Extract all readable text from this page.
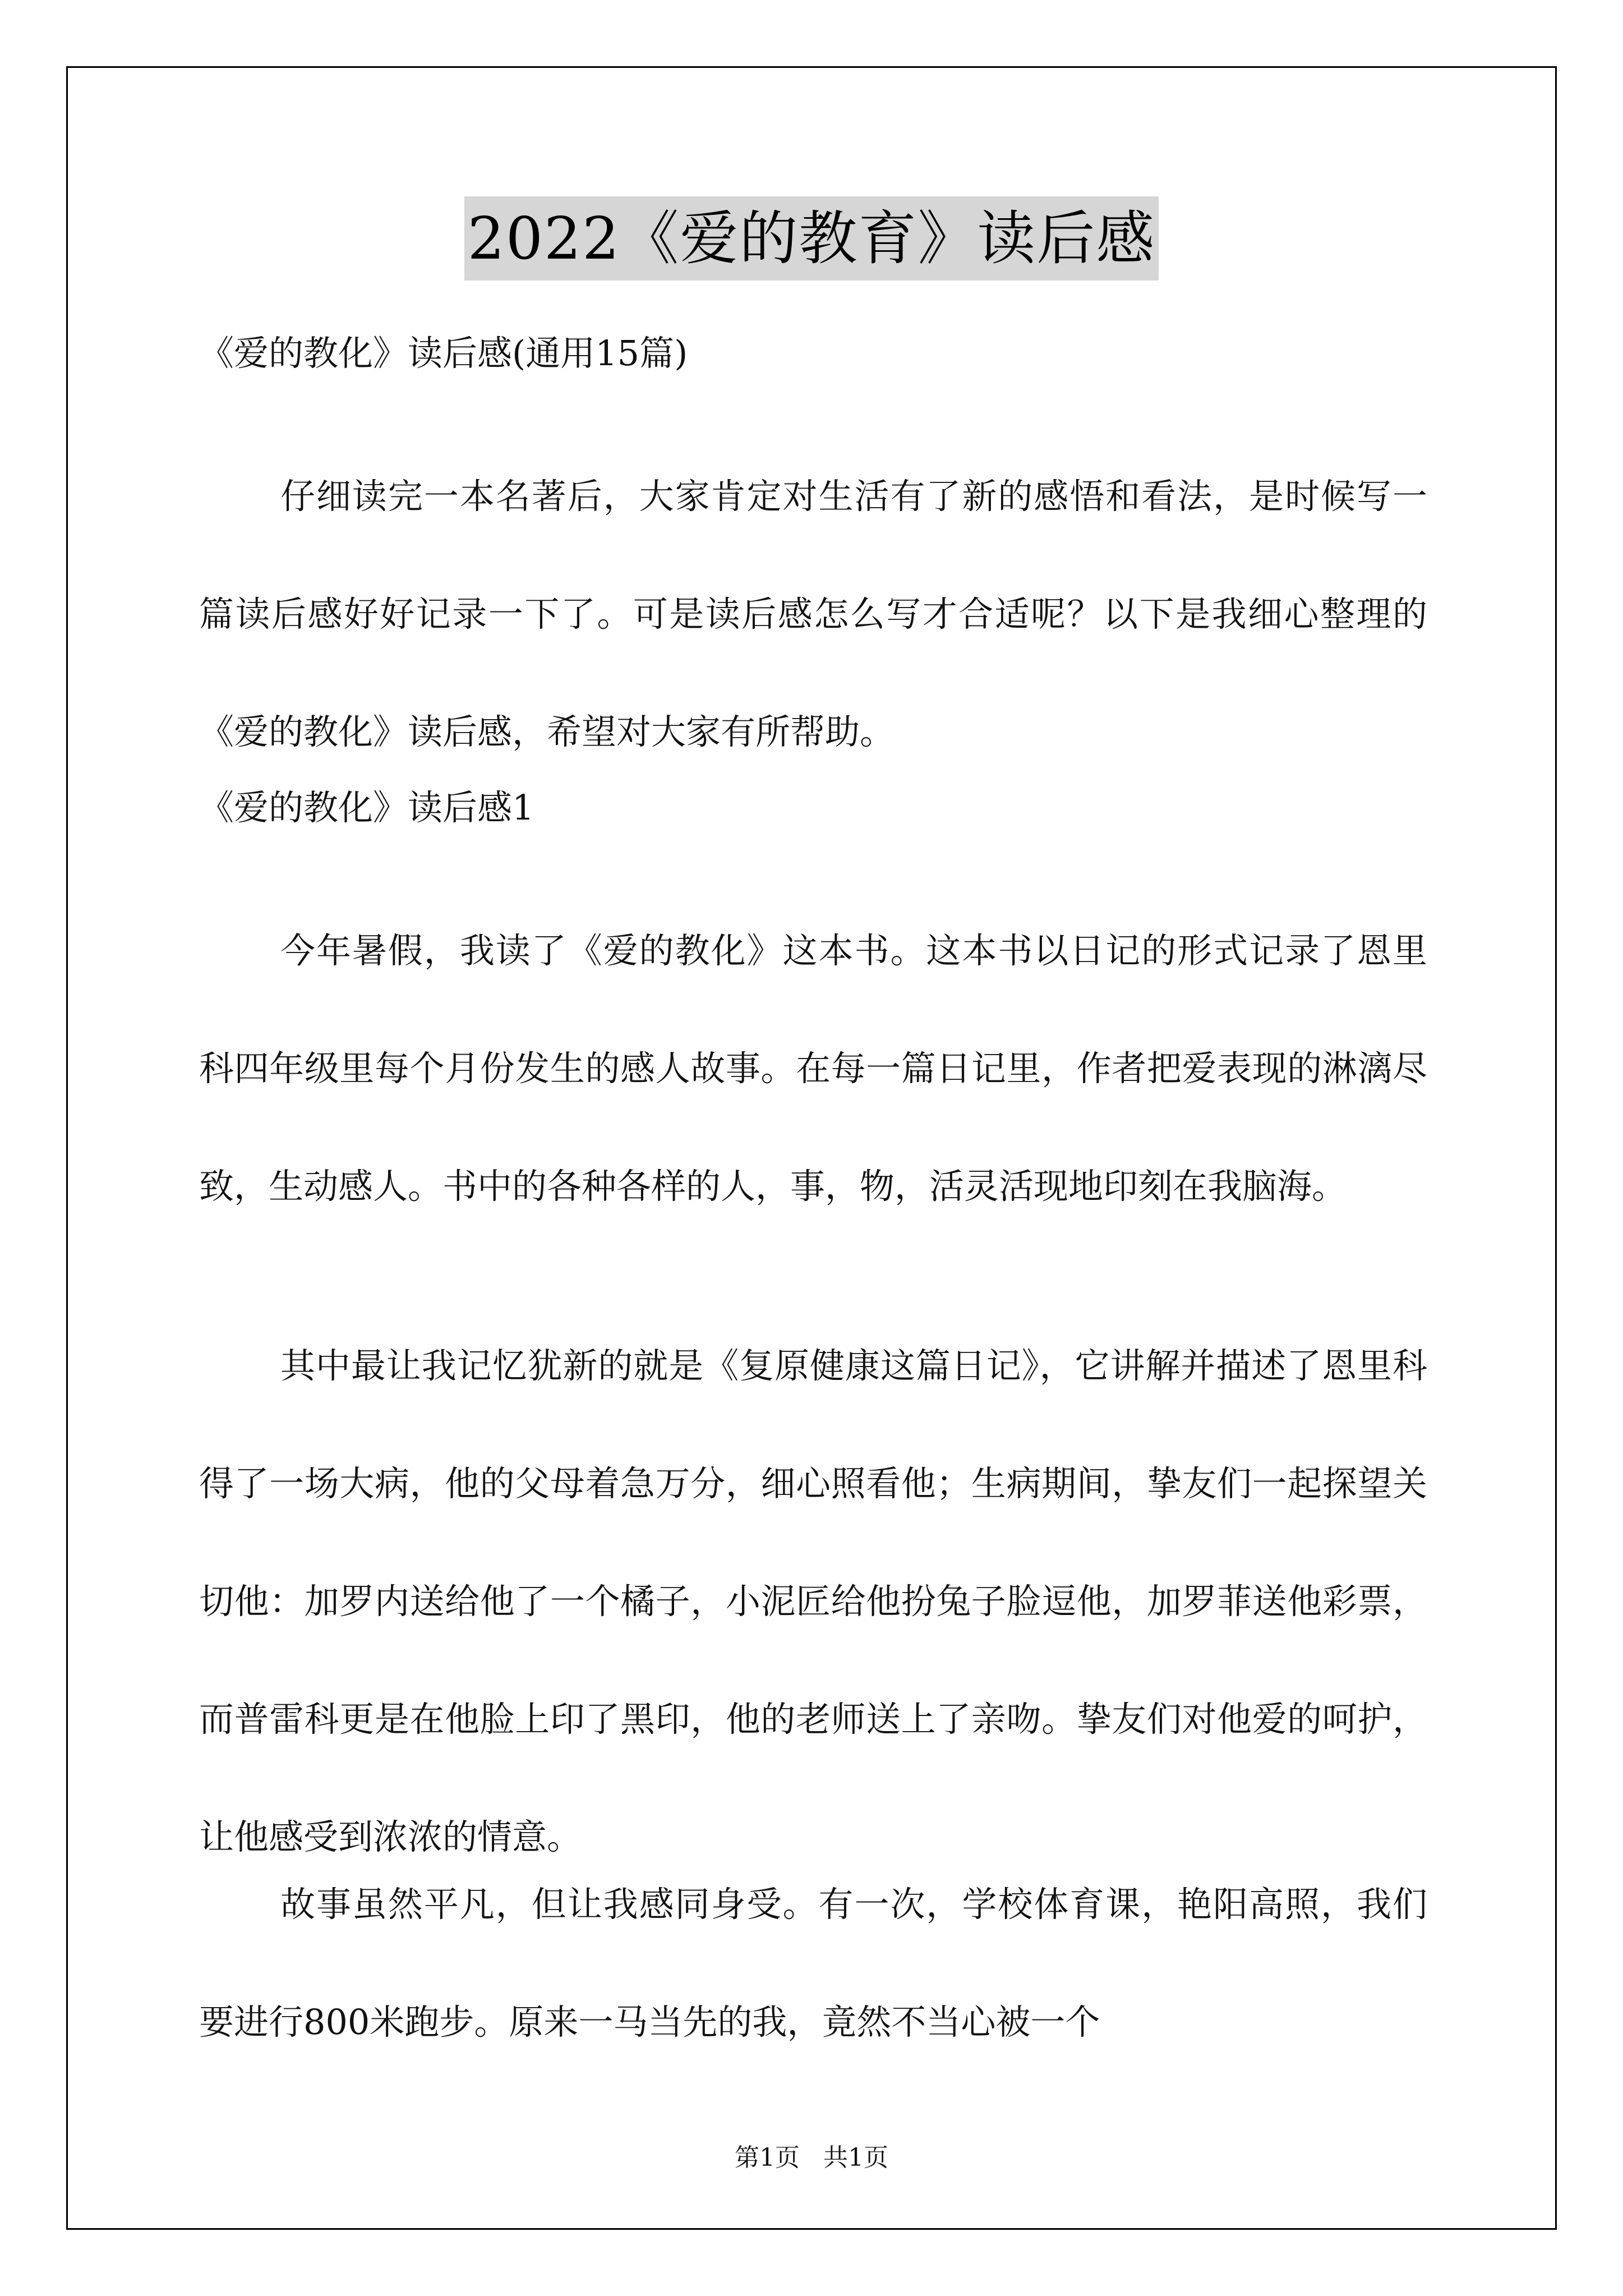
2022《爱的教育》读后感
《爱的教化》读后感(通用15篇)

仔细读完一本名著后，大家肯定对生活有了新的感悟和看法，是时候写一篇读后感好好记录一下了。可是读后感怎么写才合适呢？以下是我细心整理的《爱的教化》读后感，希望对大家有所帮助。

《爱的教化》读后感1

今年暑假，我读了《爱的教化》这本书。这本书以日记的形式记录了恩里科四年级里每个月份发生的感人故事。在每一篇日记里，作者把爱表现的淋漓尽致，生动感人。书中的各种各样的人，事，物，活灵活现地印刻在我脑海。

其中最让我记忆犹新的就是《复原健康这篇日记》，它讲解并描述了恩里科得了一场大病，他的父母着急万分，细心照看他；生病期间，挚友们一起探望关切他：加罗内送给他了一个橘子，小泥匠给他扮兔子脸逗他，加罗菲送他彩票，而普雷科更是在他脸上印了黑印，他的老师送上了亲吻。挚友们对他爱的呵护，让他感受到浓浓的情意。

故事虽然平凡，但让我感同身受。有一次，学校体育课，艳阳高照，我们要进行800米跑步。原来一马当先的我，竟然不当心被一个

第1页   共1页
